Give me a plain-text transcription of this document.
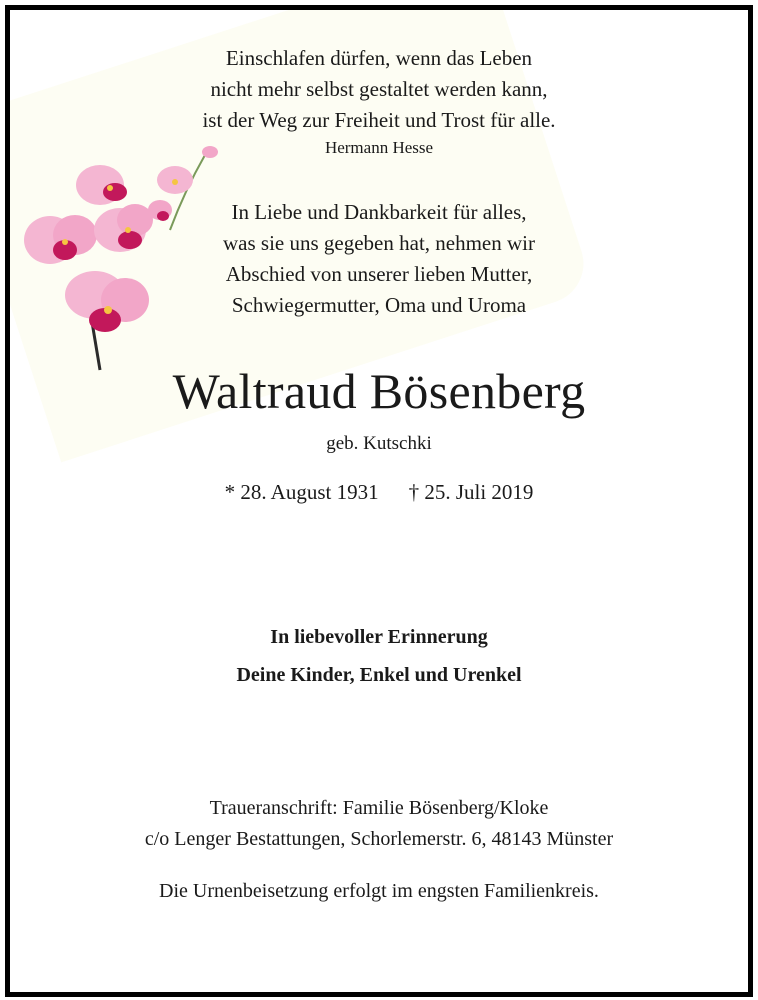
Einschlafen dürfen, wenn das Leben
nicht mehr selbst gestaltet werden kann,
ist der Weg zur Freiheit und Trost für alle.
Hermann Hesse
In Liebe und Dankbarkeit für alles,
was sie uns gegeben hat, nehmen wir
Abschied von unserer lieben Mutter,
Schwiegermutter, Oma und Uroma
Waltraud Bösenberg
geb. Kutschki
* 28. August 1931 † 25. Juli 2019
In liebevoller Erinnerung
Deine Kinder, Enkel und Urenkel
Traueranschrift: Familie Bösenberg/Kloke
c/o Lenger Bestattungen, Schorlemerstr. 6, 48143 Münster
Die Urnenbeisetzung erfolgt im engsten Familienkreis.
